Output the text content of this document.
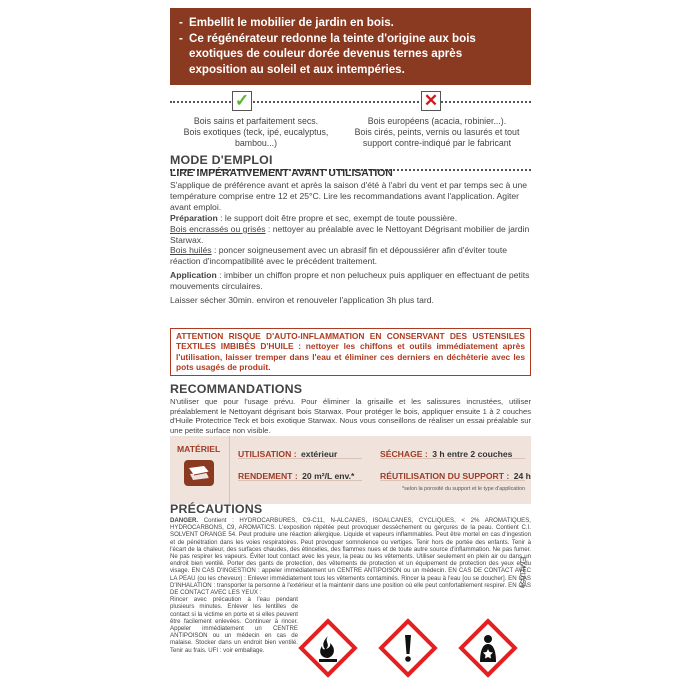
- Embellit le mobilier de jardin en bois.
- Ce régénérateur redonne la teinte d'origine aux bois exotiques de couleur dorée devenus ternes après exposition au soleil et aux intempéries.
✓	✕
Bois sains et parfaitement secs.
Bois exotiques (teck, ipé, eucalyptus, bambou...)
Bois européens (acacia, robinier...).
Bois cirés, peints, vernis ou lasurés et tout support contre-indiqué par le fabricant
MODE D'EMPLOI
LIRE IMPÉRATIVEMENT AVANT UTILISATION
S'applique de préférence avant et après la saison d'été à l'abri du vent et par temps sec à une température comprise entre 12 et 25°C. Lire les recommandations avant l'application. Agiter avant emploi.
Préparation : le support doit être propre et sec, exempt de toute poussière.
Bois encrassés ou grisés : nettoyer au préalable avec le Nettoyant Dégrisant mobilier de jardin Starwax.
Bois huilés : poncer soigneusement avec un abrasif fin et dépoussiérer afin d'éviter toute réaction d'incompatibilité avec le précédent traitement.
Application : imbiber un chiffon propre et non pelucheux puis appliquer en effectuant de petits mouvements circulaires.
Laisser sécher 30min. environ et renouveler l'application 3h plus tard.
ATTENTION RISQUE D'AUTO-INFLAMMATION EN CONSERVANT DES USTENSILES TEXTILES IMBIBÉS D'HUILE : nettoyer les chiffons et outils immédiatement après l'utilisation, laisser tremper dans l'eau et éliminer ces derniers en déchèterie avec les pots usagés de produit.
RECOMMANDATIONS
N'utiliser que pour l'usage prévu. Pour éliminer la grisaille et les salissures incrustées, utiliser préalablement le Nettoyant dégrisant bois Starwax. Pour protéger le bois, appliquer ensuite 1 à 2 couches d'Huile Protectrice Teck et bois exotique Starwax. Nous vous conseillons de réaliser un essai préalable sur une petite surface non visible.
MATÉRIEL UTILISATION : extérieur	SÉCHAGE : 3 h entre 2 couches
RENDEMENT : 20 m²/L env.*	RÉUTILISATION DU SUPPORT : 24 h
*selon la porosité du support et le type d'application
PRÉCAUTIONS
DANGER. Contient : HYDROCARBURES, C9-C11, N-ALCANES, ISOALCANES, CYCLIQUES, < 2% AROMATIQUES, HYDROCARBONS, C9, AROMATICS. L'exposition répétée peut provoquer dessèchement ou gerçures de la peau. Contient C.I. SOLVENT ORANGE 54. Peut produire une réaction allergique. Liquide et vapeurs inflammables. Peut être mortel en cas d'ingestion et de pénétration dans les voies respiratoires. Peut provoquer somnolence ou vertiges. Tenir hors de portée des enfants. Tenir à l'écart de la chaleur, des surfaces chaudes, des étincelles, des flammes nues et de toute autre source d'inflammation. Ne pas fumer. Ne pas respirer les vapeurs. Éviter tout contact avec les yeux, la peau ou les vêtements. Utiliser seulement en plein air ou dans un endroit bien ventilé. Porter des gants de protection, des vêtements de protection et un équipement de protection des yeux et du visage. EN CAS D'INGESTION : appeler immédiatement un CENTRE ANTIPOISON ou un médecin. EN CAS DE CONTACT AVEC LA PEAU (ou les cheveux) : Enlever immédiatement tous les vêtements contaminés. Rincer la peau à l'eau [ou se doucher]. EN CAS D'INHALATION : transporter la personne à l'extérieur et la maintenir dans une position où elle peut confortablement respirer. EN CAS DE CONTACT AVEC LES YEUX :
Rincer avec précaution à l'eau pendant plusieurs minutes. Enlever les lentilles de contact si la victime en porte et si elles peuvent être facilement enlevées. Continuer à rincer. Appeler immédiatement un CENTRE ANTIPOISON ou un médecin en cas de malaise. Stocker dans un endroit bien ventilé. Tenir au frais. UFI : voir emballage.
EM1165e
